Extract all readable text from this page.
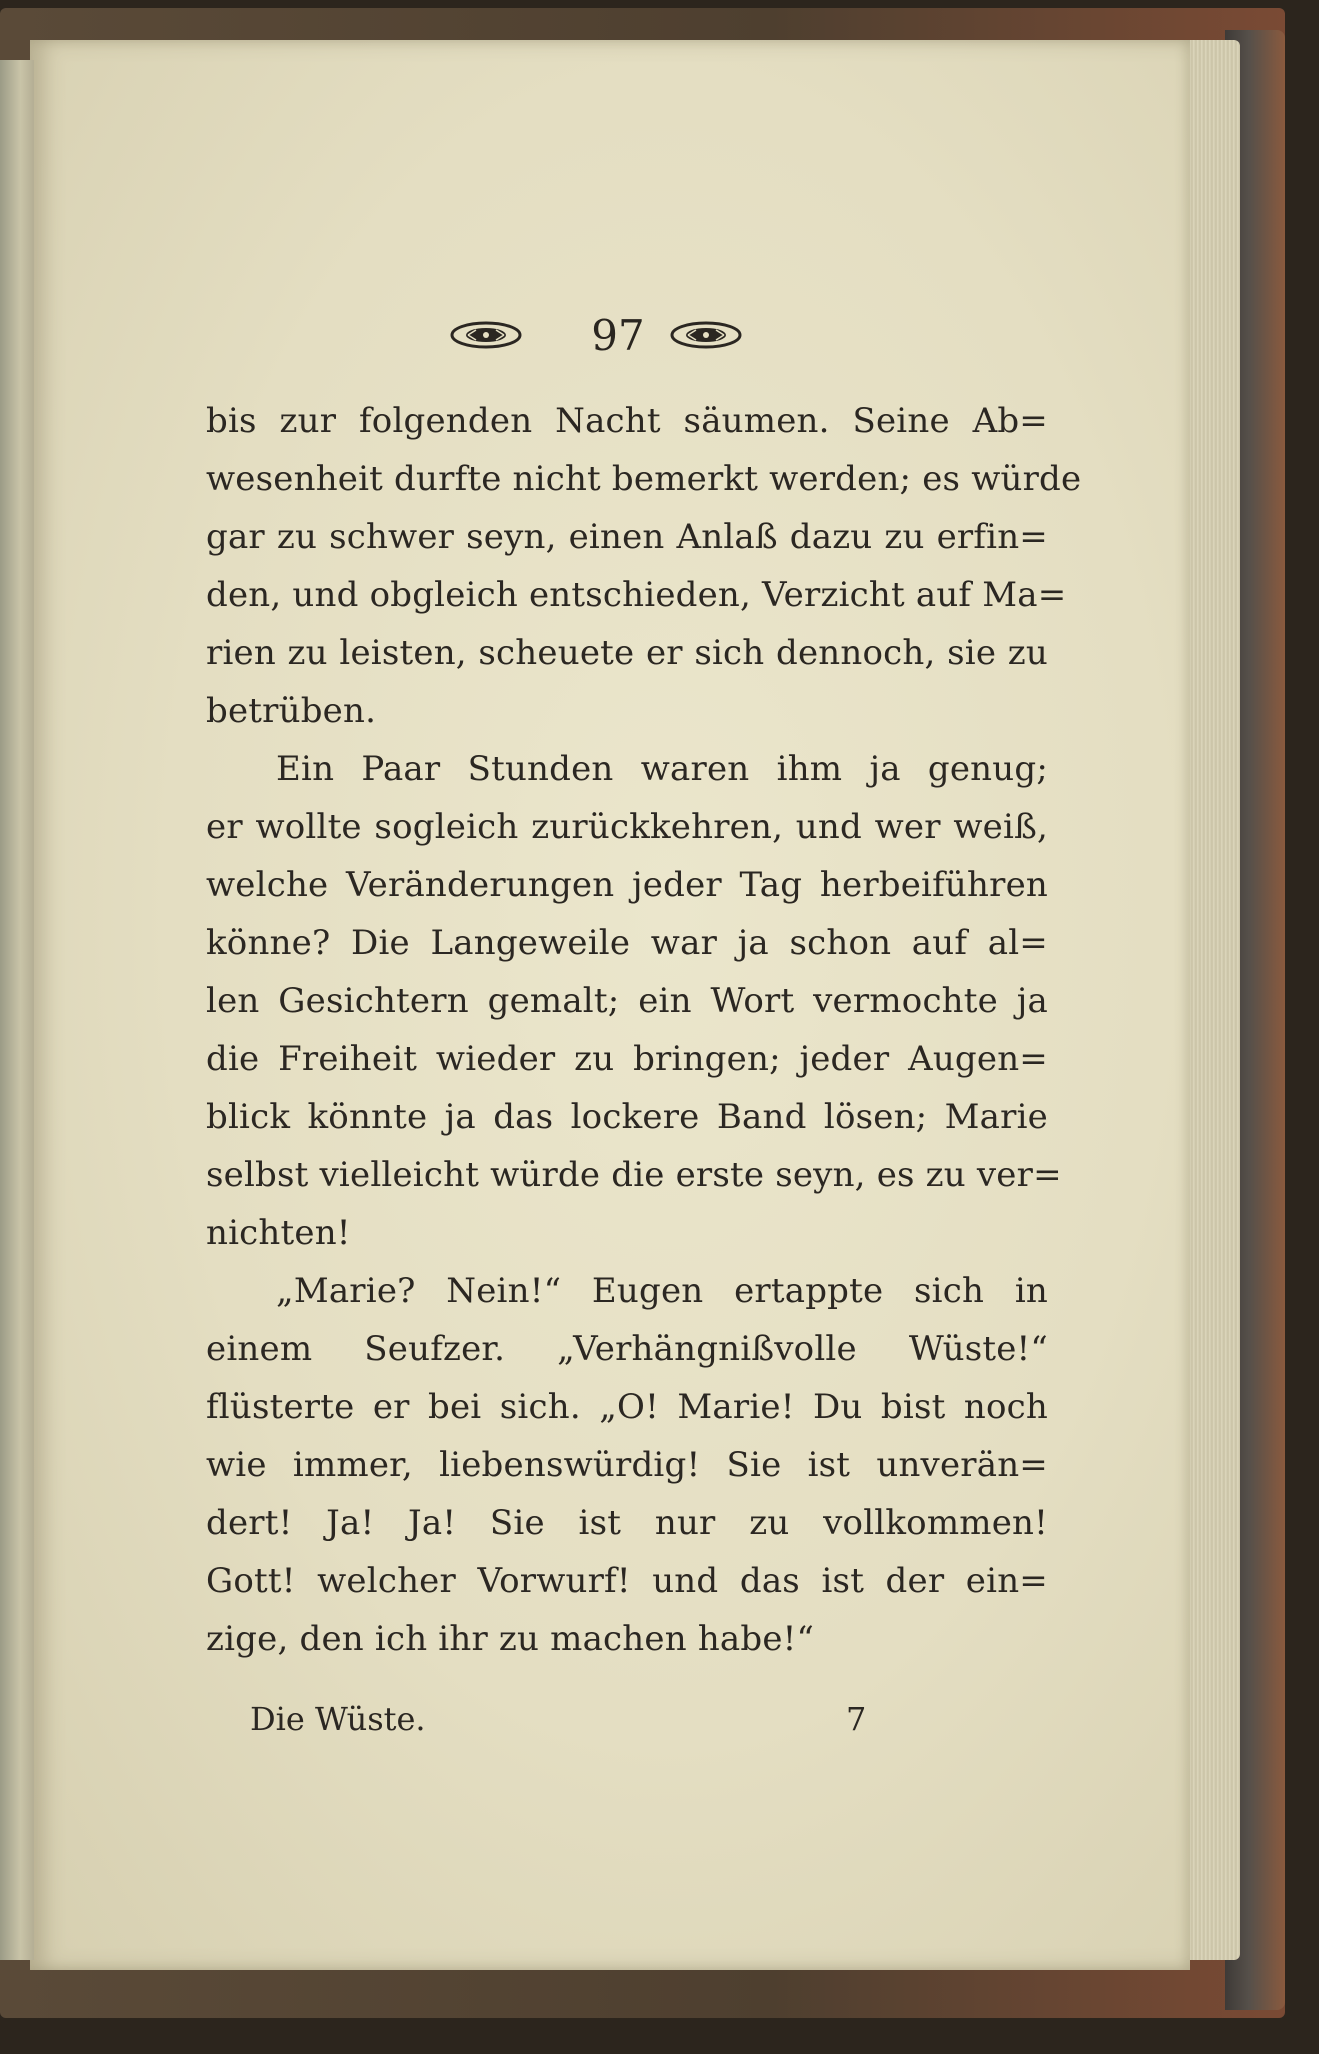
97
bis zur folgenden Nacht säumen. Seine Ab=
wesenheit durfte nicht bemerkt werden; es würde
gar zu schwer seyn, einen Anlaß dazu zu erfin=
den, und obgleich entschieden, Verzicht auf Ma=
rien zu leisten, scheuete er sich dennoch, sie zu
betrüben.
Ein Paar Stunden waren ihm ja genug;
er wollte sogleich zurückkehren, und wer weiß,
welche Veränderungen jeder Tag herbeiführen
könne? Die Langeweile war ja schon auf al=
len Gesichtern gemalt; ein Wort vermochte ja
die Freiheit wieder zu bringen; jeder Augen=
blick könnte ja das lockere Band lösen; Marie
selbst vielleicht würde die erste seyn, es zu ver=
nichten!
„Marie? Nein!“ Eugen ertappte sich in
einem Seufzer. „Verhängnißvolle Wüste!“
flüsterte er bei sich. „O! Marie! Du bist noch
wie immer, liebenswürdig! Sie ist unverän=
dert! Ja! Ja! Sie ist nur zu vollkommen!
Gott! welcher Vorwurf! und das ist der ein=
zige, den ich ihr zu machen habe!“
Die Wüste.	7
